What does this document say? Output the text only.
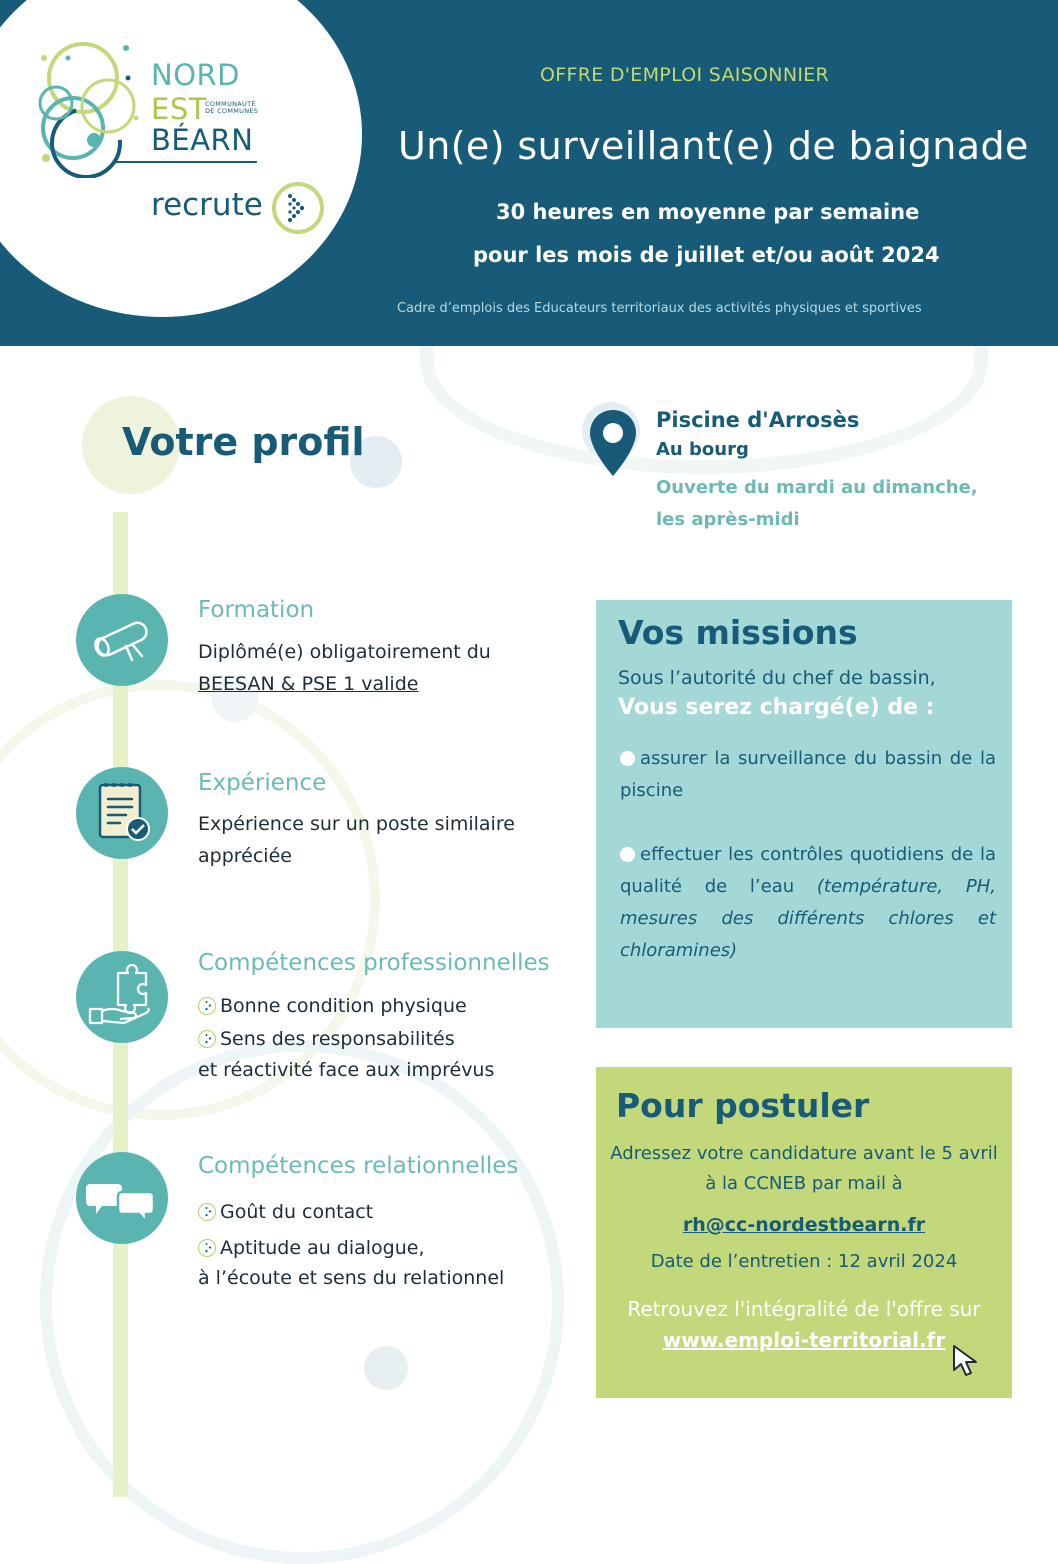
NORD
EST
COMMUNAUTÉ DE COMMUNES
BÉARN
recrute
OFFRE D'EMPLOI SAISONNIER
Un(e) surveillant(e) de baignade
30 heures en moyenne par semaine
pour les mois de juillet et/ou août 2024
Cadre d’emplois des Educateurs territoriaux des activités physiques et sportives
Votre profil
Formation
Diplômé(e) obligatoirement du
BEESAN & PSE 1 valide
Expérience
Expérience sur un poste similaire
appréciée
Compétences professionnelles
Bonne condition physique
Sens des responsabilités
et réactivité face aux imprévus
Compétences relationnelles
Goût du contact
Aptitude au dialogue,
à l’écoute et sens du relationnel
Piscine d'Arrosès
Au bourg
Ouverte du mardi au dimanche,
les après-midi
Vos missions
Sous l’autorité du chef de bassin,
Vous serez chargé(e) de :
assurer la surveillance du bassin de la piscine
effectuer les contrôles quotidiens de la qualité de l’eau (température, PH, mesures des différents chlores et chloramines)
Pour postuler
Adressez votre candidature avant le 5 avril
à la CCNEB par mail à
rh@cc-nordestbearn.fr
Date de l’entretien : 12 avril 2024
Retrouvez l'intégralité de l'offre sur
www.emploi-territorial.fr
